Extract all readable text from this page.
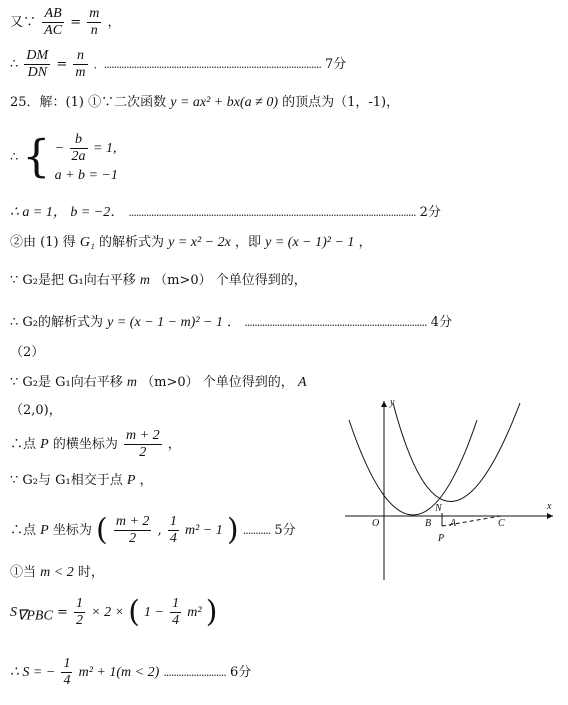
又∵ $\frac{AB}{AC} = \frac{m}{n}$ ，
∴ $\frac{DM}{DN} = \frac{n}{m}$ ．....................................................................................... 7分
25．解：(1) ①∵二次函数 y = ax² + bx(a ≠ 0) 的顶点为（1，-1)，
∴ { − $\frac{b}{2a} = 1$,
a + b = −1
∴ a = 1， b = −2． ................................................................................................................... 2分
②由 (1) 得 G₁ 的解析式为 y = x² − 2x ，即 y = (x − 1)² − 1 ，
∵ G₂是把 G₁向右平移 m （m>0） 个单位得到的，
∴ G₂的解析式为 y = (x − 1 − m)² − 1 ． ......................................................................... 4分
（2）
∵ G₂是 G₁向右平移 m （m>0） 个单位得到的， A
（2,0)，
∴点 P 的横坐标为 $\frac{m + 2}{2}$ ，
∵ G₂与 G₁相交于点 P ，
∴点 P 坐标为 ( $\frac{m + 2}{2}$ , $\frac{1}{4} m^2 - 1$ ) ........... 5分
①当 m < 2 时，
$S_{\nabla PBC} = \frac{1}{2} \times 2$ × ( $1 - \frac{1}{4} m^2$ )
∴ S = − $\frac{1}{4} m^2 + 1(m < 2)$ ......................... 6分
x
y
O	B A	C
N
P
